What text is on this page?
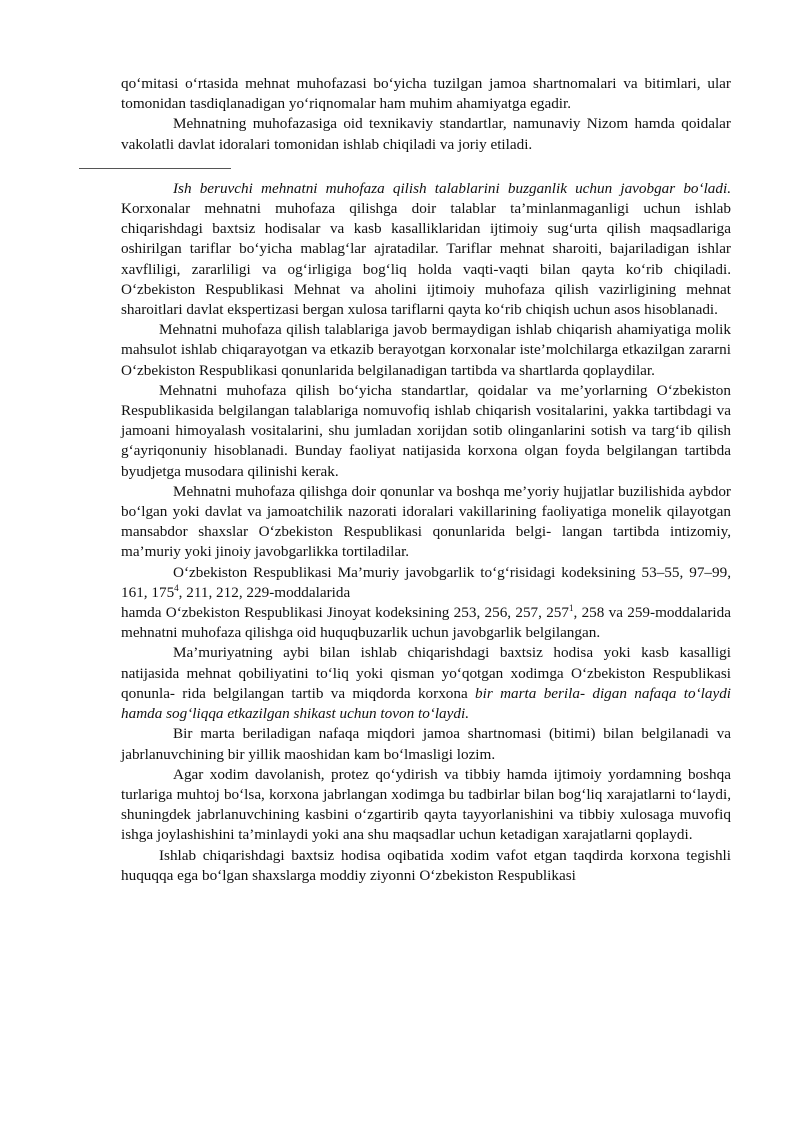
qo‘mitasi o‘rtasida mehnat muhofazasi bo‘yicha tuzilgan jamoa shartnomalari va bitimlari, ular tomonidan tasdiqlanadigan yo‘riqnomalar ham muhim ahamiyatga egadir.

Mehnatning muhofazasiga oid texnikaviy standartlar, namunaviy Nizom hamda qoidalar vakolatli davlat idoralari tomonidan ishlab chiqiladi va joriy etiladi.

Ish beruvchi mehnatni muhofaza qilish talablarini buzganlik uchun javobgar bo‘ladi. Korxonalar mehnatni muhofaza qilishga doir talablar ta’minlanmaganligi uchun ishlab chiqarishdagi baxtsiz hodisalar va kasb kasalliklaridan ijtimoiy sug‘urta qilish maqsadlariga oshirilgan tariflar bo‘yicha mablag‘lar ajratadilar. Tariflar mehnat sharoiti, bajariladigan ishlar xavfliligi, zararliligi va og‘irligiga bog‘liq holda vaqti-vaqti bilan qayta ko‘rib chiqiladi. O‘zbekiston Respublikasi Mehnat va aholini ijtimoiy muhofaza qilish vazirligining mehnat sharoitlari davlat ekspertizasi bergan xulosa tariflarni qayta ko‘rib chiqish uchun asos hisoblanadi.

Mehnatni muhofaza qilish talablariga javob bermaydigan ishlab chiqarish ahamiyatiga molik mahsulot ishlab chiqarayotgan va etkazib berayotgan korxonalar iste’molchilarga etkazilgan zararni O‘zbekiston Respublikasi qonunlarida belgilanadigan tartibda va shartlarda qoplaydilar.

Mehnatni muhofaza qilish bo‘yicha standartlar, qoidalar va me’yorlarning O‘zbekiston Respublikasida belgilangan talablariga nomuvofiq ishlab chiqarish vositalarini, yakka tartibdagi va jamoani himoyalash vositalarini, shu jumladan xorijdan sotib olinganlarini sotish va targ‘ib qilish g‘ayriqonuniy hisoblanadi. Bunday faoliyat natijasida korxona olgan foyda belgilangan tartibda byudjetga musodara qilinishi kerak.

Mehnatni muhofaza qilishga doir qonunlar va boshqa me’yoriy hujjatlar buzilishida aybdor bo‘lgan yoki davlat va jamoatchilik nazorati idoralari vakillarining faoliyatiga monelik qilayotgan mansabdor shaxslar O‘zbekiston Respublikasi qonunlarida belgi- langan tartibda intizomiy, ma’muriy yoki jinoiy javobgarlikka tortiladilar.

O‘zbekiston Respublikasi Ma’muriy javobgarlik to‘g‘risidagi kodeksining 53–55, 97–99, 161, $175^4$, 211, 212, 229-moddalarida

hamda O‘zbekiston Respublikasi Jinoyat kodeksining 253, 256, 257, $257^1$, 258 va 259-moddalarida mehnatni muhofaza qilishga oid huquqbuzarlik uchun javobgarlik belgilangan.

Ma’muriyatning aybi bilan ishlab chiqarishdagi baxtsiz hodisa yoki kasb kasalligi natijasida mehnat qobiliyatini to‘liq yoki qisman yo‘qotgan xodimga O‘zbekiston Respublikasi qonunla- rida belgilangan tartib va miqdorda korxona bir marta berila- digan nafaqa to‘laydi hamda sog‘liqqa etkazilgan shikast uchun tovon to‘laydi.

Bir marta beriladigan nafaqa miqdori jamoa shartnomasi (bitimi) bilan belgilanadi va jabrlanuvchining bir yillik maoshidan kam bo‘lmasligi lozim.

Agar xodim davolanish, protez qo‘ydirish va tibbiy hamda ijtimoiy yordamning boshqa turlariga muhtoj bo‘lsa, korxona jabrlangan xodimga bu tadbirlar bilan bog‘liq xarajatlarni to‘laydi, shuningdek jabrlanuvchining kasbini o‘zgartirib qayta tayyorlanishini va tibbiy xulosaga muvofiq ishga joylashishini ta’minlaydi yoki ana shu maqsadlar uchun ketadigan xarajatlarni qoplaydi.

Ishlab chiqarishdagi baxtsiz hodisa oqibatida xodim vafot etgan taqdirda korxona tegishli huquqqa ega bo‘lgan shaxslarga moddiy ziyonni O‘zbekiston Respublikasi
